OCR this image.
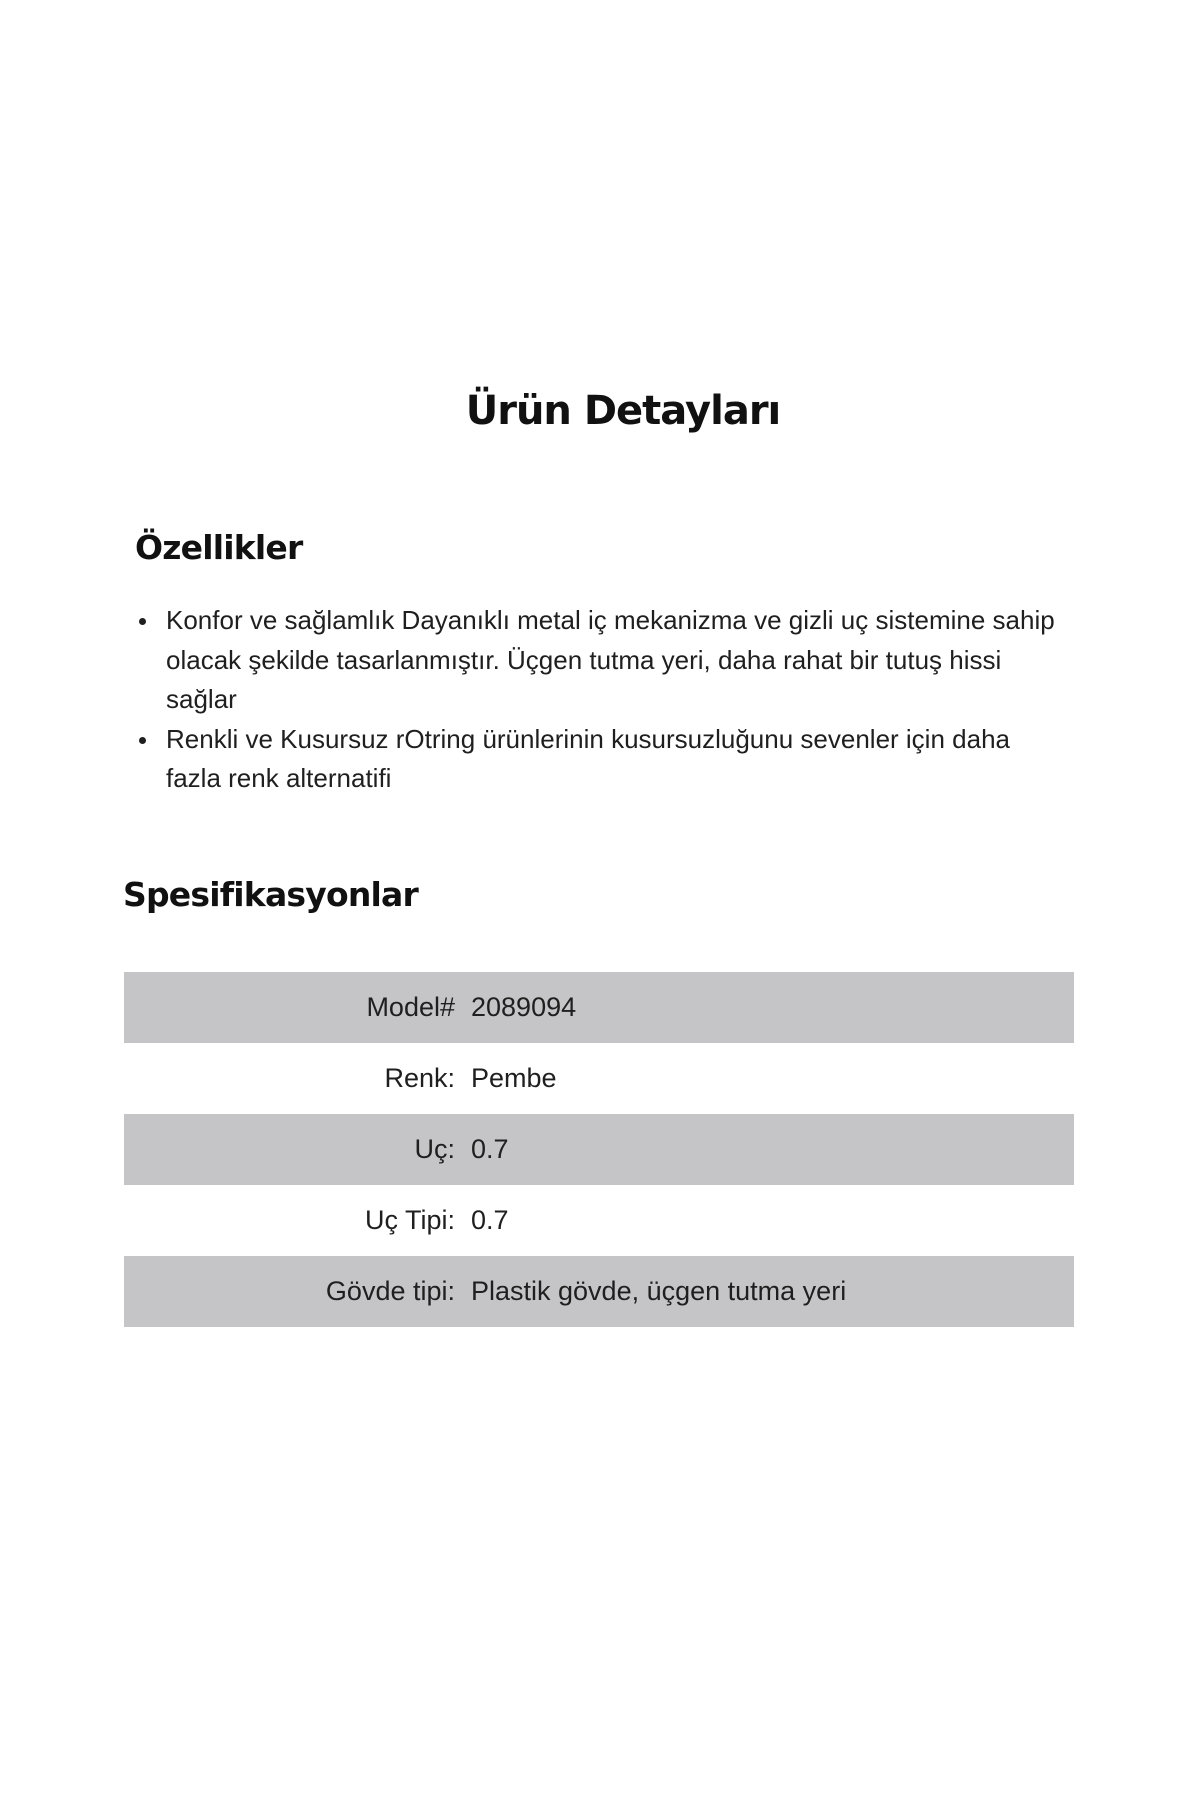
Ürün Detayları
Özellikler
Konfor ve sağlamlık Dayanıklı metal iç mekanizma ve gizli uç sistemine sahip olacak şekilde tasarlanmıştır. Üçgen tutma yeri, daha rahat bir tutuş hissi sağlar
Renkli ve Kusursuz rOtring ürünlerinin kusursuzluğunu sevenler için daha fazla renk alternatifi
Spesifikasyonlar
Model#	2089094
Renk:	Pembe
Uç:	0.7
Uç Tipi:	0.7
Gövde tipi:	Plastik gövde, üçgen tutma yeri
